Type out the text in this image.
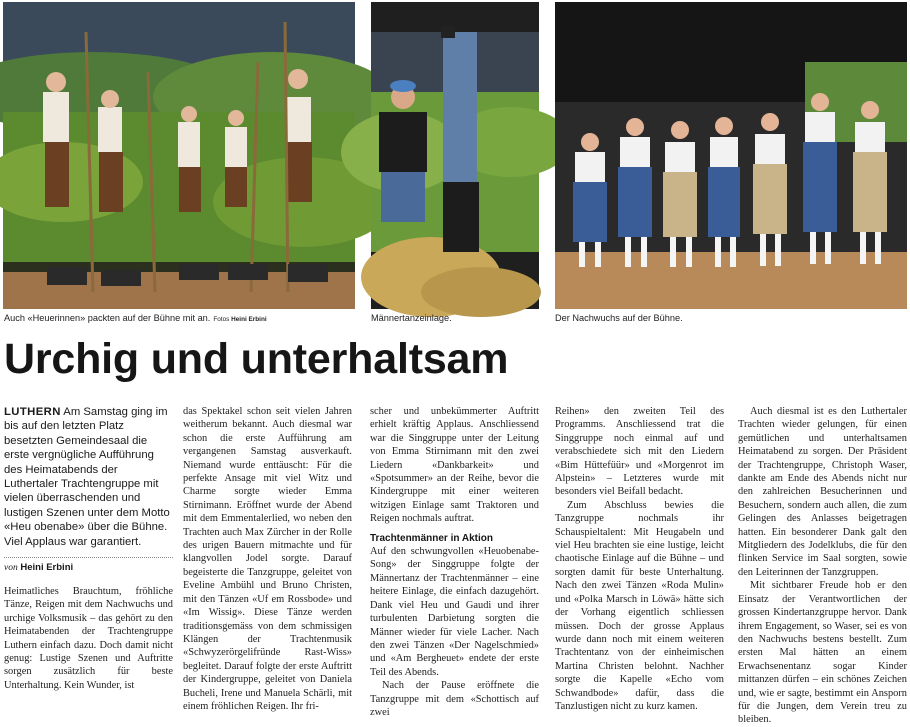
Auch «Heuerinnen» packten auf der Bühne mit an. Fotos Heini Erbini	Männertanzeinlage.	Der Nachwuchs auf der Bühne.
Urchig und unterhaltsam
LUTHERN Am Samstag ging im bis auf den letzten Platz besetzten Gemeindesaal die erste vergnügliche Aufführung des Heimatabends der Luthertaler Trachtengruppe mit vielen überraschenden und lustigen Szenen unter dem Motto «Heu obenabe» über die Bühne. Viel Applaus war garantiert.
von Heini Erbini

Heimatliches Brauchtum, fröhliche Tänze, Reigen mit dem Nachwuchs und urchige Volksmusik – das gehört zu den Heimatabenden der Trachtengruppe Luthern einfach dazu. Doch damit nicht genug: Lustige Szenen und Auftritte sorgen zusätzlich für beste Unterhaltung. Kein Wunder, ist

das Spektakel schon seit vielen Jahren weitherum bekannt. Auch diesmal war schon die erste Aufführung am vergangenen Samstag ausverkauft. Niemand wurde enttäuscht: Für die perfekte Ansage mit viel Witz und Charme sorgte wieder Emma Stirnimann. Eröffnet wurde der Abend mit dem Emmentalerlied, wo neben den Trachten auch Max Zürcher in der Rolle des urigen Bauern mitmachte und für klangvollen Jodel sorgte. Darauf begeisterte die Tanzgruppe, geleitet von Eveline Ambühl und Bruno Christen, mit den Tänzen «Uf em Rossbode» und «Im Wissig». Diese Tänze werden traditionsgemäss von dem schmissigen Klängen der Trachtenmusik «Schwyzerörgelifründe Rast-Wiss» begleitet. Darauf folgte der erste Auftritt der Kindergruppe, geleitet von Daniela Bucheli, Irene und Manuela Schärli, mit einem fröhlichen Reigen. Ihr fri-

scher und unbekümmerter Auftritt erhielt kräftig Applaus. Anschliessend war die Singgruppe unter der Leitung von Emma Stirnimann mit den zwei Liedern «Dankbarkeit» und «Spotsummer» an der Reihe, bevor die Kindergruppe mit einer weiteren witzigen Einlage samt Traktoren und Reigen nochmals auftrat.

Trachtenmänner in Aktion

Auf den schwungvollen «Heuobenabe-Song» der Singgruppe folgte der Männertanz der Trachtenmänner – eine heitere Einlage, die einfach dazugehört. Dank viel Heu und Gaudi und ihrer turbulenten Darbietung sorgten die Männer wieder für viele Lacher. Nach den zwei Tänzen «Der Nagelschmied» und «Am Bergheuet» endete der erste Teil des Abends.

Nach der Pause eröffnete die Tanzgruppe mit dem «Schottisch auf zwei

Reihen» den zweiten Teil des Programms. Anschliessend trat die Singgruppe noch einmal auf und verabschiedete sich mit den Liedern «Bim Hüttefüür» und «Morgenrot im Alpstein» – Letzteres wurde mit besonders viel Beifall bedacht.

Zum Abschluss bewies die Tanzgruppe nochmals ihr Schauspieltalent: Mit Heugabeln und viel Heu brachten sie eine lustige, leicht chaotische Einlage auf die Bühne – und sorgten damit für beste Unterhaltung. Nach den zwei Tänzen «Roda Mulin» und «Polka Marsch in Löwä» hätte sich der Vorhang eigentlich schliessen müssen. Doch der grosse Applaus wurde dann noch mit einem weiteren Trachtentanz von der einheimischen Martina Christen belohnt. Nachher sorgte die Kapelle «Echo vom Schwandbode» dafür, dass die Tanzlustigen nicht zu kurz kamen.

Auch diesmal ist es den Luthertaler Trachten wieder gelungen, für einen gemütlichen und unterhaltsamen Heimatabend zu sorgen. Der Präsident der Trachtengruppe, Christoph Waser, dankte am Ende des Abends nicht nur den zahlreichen Besucherinnen und Besuchern, sondern auch allen, die zum Gelingen des Anlasses beigetragen hatten. Ein besonderer Dank galt den Mitgliedern des Jodelklubs, die für den flinken Service im Saal sorgten, sowie den Leiterinnen der Tanzgruppen.

Mit sichtbarer Freude hob er den Einsatz der Verantwortlichen der grossen Kindertanzgruppe hervor. Dank ihrem Engagement, so Waser, sei es von den Nachwuchs bestens bestellt. Zum ersten Mal hätten an einem Erwachsenentanz sogar Kinder mittanzen dürfen – ein schönes Zeichen und, wie er sagte, bestimmt ein Ansporn für die Jungen, dem Verein treu zu bleiben.
